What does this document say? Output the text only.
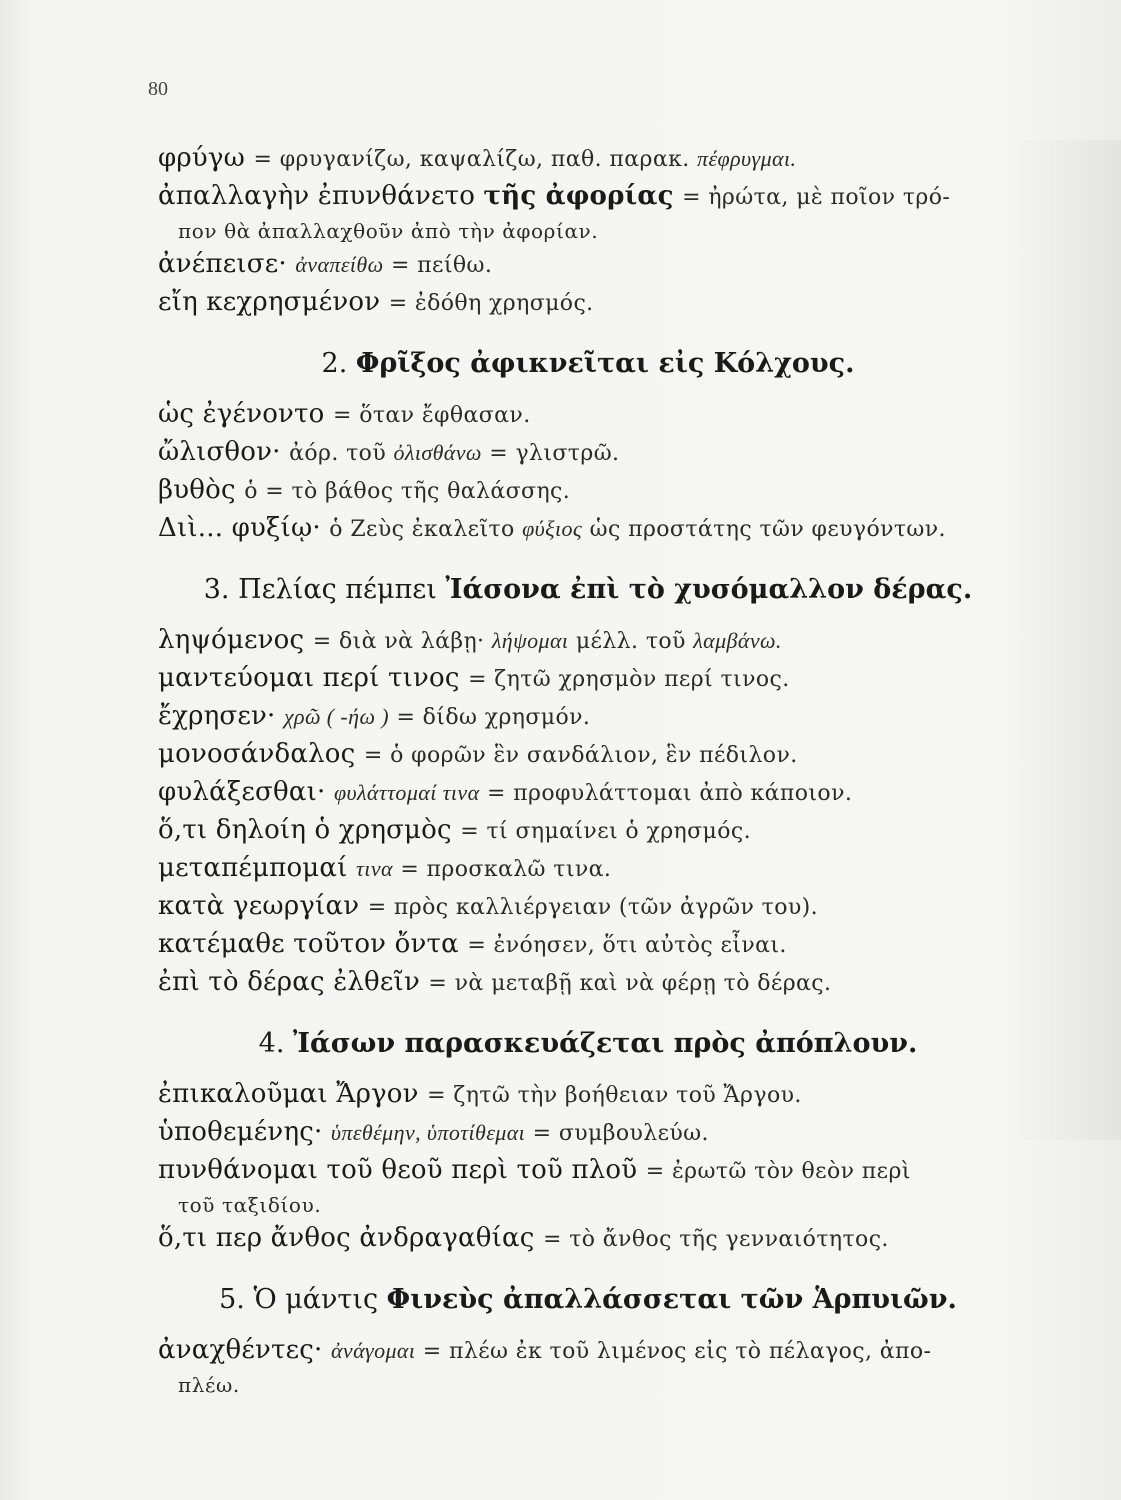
80
φρύγω = φρυγανίζω, καψαλίζω, παθ. παρακ. πέφρυγμαι.
ἀπαλλαγὴν ἐπυνθάνετο τῆς ἀφορίας = ἠρώτα, μὲ ποῖον τρό-
πον θὰ ἀπαλλαχθοῦν ἀπὸ τὴν ἀφορίαν.
ἀνέπεισε· ἀναπείθω = πείθω.
εἴη κεχρησμένον = ἐδόθη χρησμός.
2. Φρῖξος ἀφικνεῖται εἰς Κόλχους.
ὡς ἐγένοντο = ὅταν ἔφθασαν.
ὤλισθον· ἀόρ. τοῦ ὀλισθάνω = γλιστρῶ.
βυθὸς ὁ = τὸ βάθος τῆς θαλάσσης.
Διὶ... φυξίῳ· ὁ Ζεὺς ἐκαλεῖτο φύξιος ὡς προστάτης τῶν φευγόντων.
3. Πελίας πέμπει Ἰάσονα ἐπὶ τὸ χυσόμαλλον δέρας.
ληψόμενος = διὰ νὰ λάβῃ· λήψομαι μέλλ. τοῦ λαμβάνω.
μαντεύομαι περί τινος = ζητῶ χρησμὸν περί τινος.
ἔχρησεν· χρῶ ( -ήω ) = δίδω χρησμόν.
μονοσάνδαλος = ὁ φορῶν ἓν σανδάλιον, ἓν πέδιλον.
φυλάξεσθαι· φυλάττομαί τινα = προφυλάττομαι ἀπὸ κάποιον.
ὅ,τι δηλοίη ὁ χρησμὸς = τί σημαίνει ὁ χρησμός.
μεταπέμπομαί τινα = προσκαλῶ τινα.
κατὰ γεωργίαν = πρὸς καλλιέργειαν (τῶν ἀγρῶν του).
κατέμαθε τοῦτον ὄντα = ἐνόησεν, ὅτι αὐτὸς εἶναι.
ἐπὶ τὸ δέρας ἐλθεῖν = νὰ μεταβῇ καὶ νὰ φέρῃ τὸ δέρας.
4. Ἰάσων παρασκευάζεται πρὸς ἀπόπλουν.
ἐπικαλοῦμαι Ἄργον = ζητῶ τὴν βοήθειαν τοῦ Ἄργου.
ὑποθεμένης· ὑπεθέμην, ὑποτίθεμαι = συμβουλεύω.
πυνθάνομαι τοῦ θεοῦ περὶ τοῦ πλοῦ = ἐρωτῶ τὸν θεὸν περὶ
τοῦ ταξιδίου.
ὅ,τι περ ἄνθος ἀνδραγαθίας = τὸ ἄνθος τῆς γενναιότητος.
5. Ὁ μάντις Φινεὺς ἀπαλλάσσεται τῶν Ἁρπυιῶν.
ἀναχθέντες· ἀνάγομαι = πλέω ἐκ τοῦ λιμένος εἰς τὸ πέλαγος, ἀπο-
πλέω.
